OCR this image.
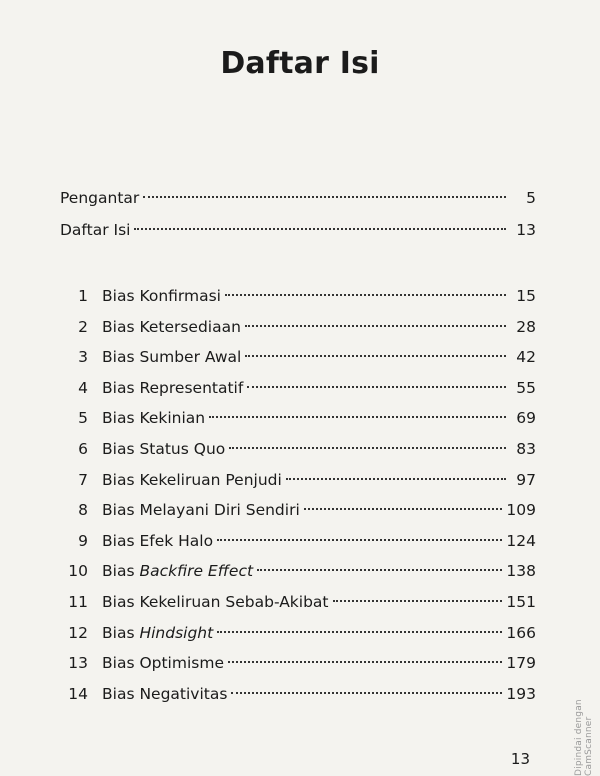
Daftar Isi
Pengantar	5
Daftar Isi	13
1 Bias Konfirmasi	15
2 Bias Ketersediaan	28
3 Bias Sumber Awal	42
4 Bias Representatif	55
5 Bias Kekinian	69
6 Bias Status Quo	83
7 Bias Kekeliruan Penjudi	97
8 Bias Melayani Diri Sendiri	109
9 Bias Efek Halo	124
10 Bias Backfire Effect	138
11 Bias Kekeliruan Sebab-Akibat	151
12 Bias Hindsight	166
13 Bias Optimisme	179
14 Bias Negativitas	193
13	Dipindai dengan CamScanner
